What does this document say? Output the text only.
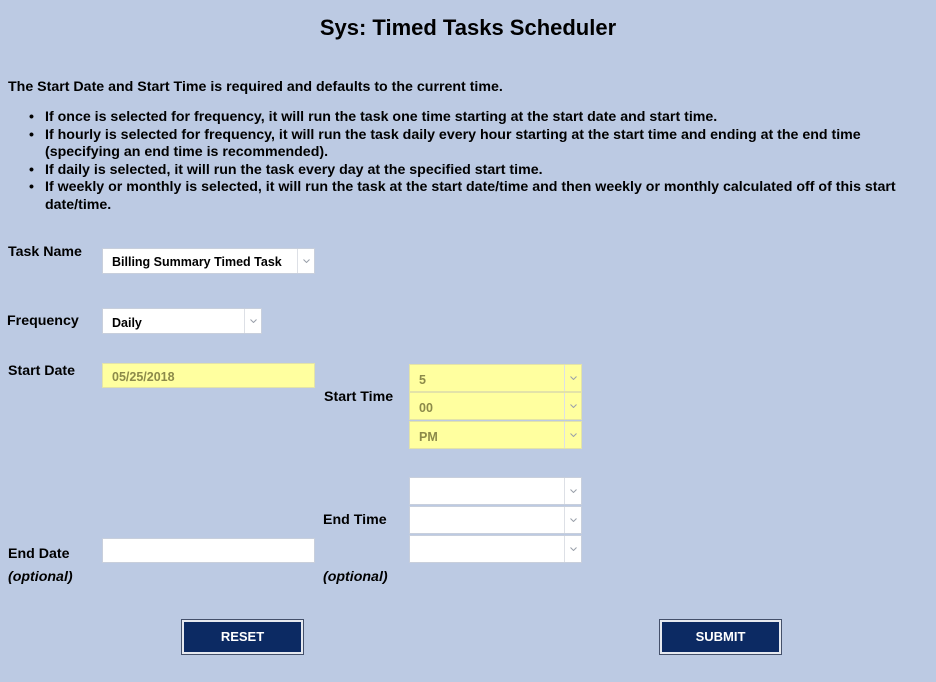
Sys: Timed Tasks Scheduler
The Start Date and Start Time is required and defaults to the current time.
• If once is selected for frequency, it will run the task one time starting at the start date and start time.
• If hourly is selected for frequency, it will run the task daily every hour starting at the start time and ending at the end time (specifying an end time is recommended).
• If daily is selected, it will run the task every day at the specified start time.
• If weekly or monthly is selected, it will run the task at the start date/time and then weekly or monthly calculated off of this start date/time.
Task Name
Billing Summary Timed Task
Frequency	Daily
Start Date	05/25/2018
Start Time
5
00
PM
End Time
(optional)
End Date
(optional)
RESET	SUBMIT
